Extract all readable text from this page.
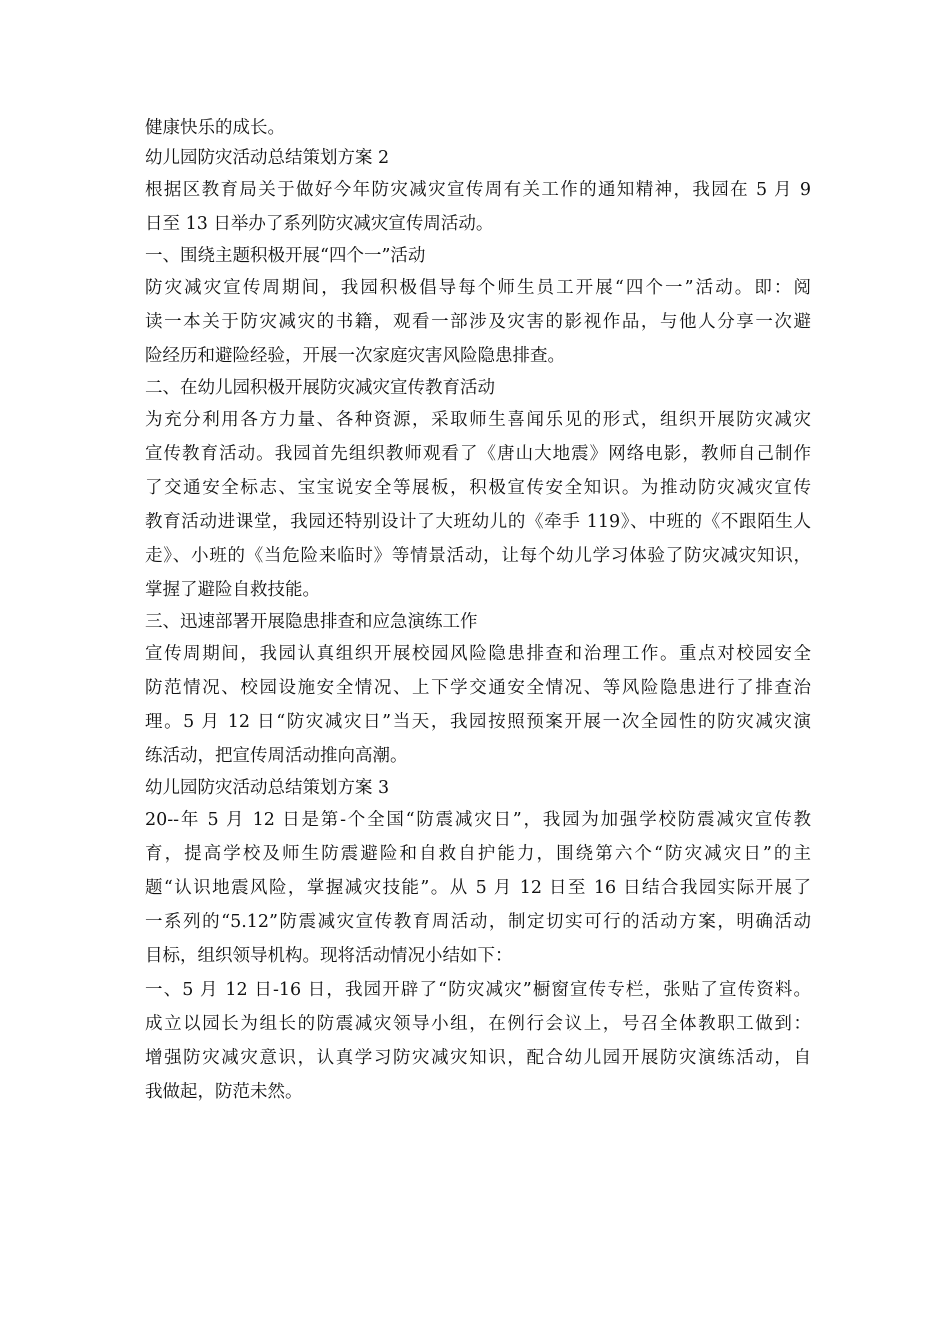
健康快乐的成长。
幼儿园防灾活动总结策划方案 2
根据区教育局关于做好今年防灾减灾宣传周有关工作的通知精神，我园在 5 月 9
日至 13 日举办了系列防灾减灾宣传周活动。
一、围绕主题积极开展“四个一”活动
防灾减灾宣传周期间，我园积极倡导每个师生员工开展“四个一”活动。即：阅
读一本关于防灾减灾的书籍，观看一部涉及灾害的影视作品，与他人分享一次避
险经历和避险经验，开展一次家庭灾害风险隐患排查。
二、在幼儿园积极开展防灾减灾宣传教育活动
为充分利用各方力量、各种资源，采取师生喜闻乐见的形式，组织开展防灾减灾
宣传教育活动。我园首先组织教师观看了《唐山大地震》网络电影，教师自己制作
了交通安全标志、宝宝说安全等展板，积极宣传安全知识。为推动防灾减灾宣传
教育活动进课堂，我园还特别设计了大班幼儿的《牵手 119》、中班的《不跟陌生人
走》、小班的《当危险来临时》等情景活动，让每个幼儿学习体验了防灾减灾知识，
掌握了避险自救技能。
三、迅速部署开展隐患排查和应急演练工作
宣传周期间，我园认真组织开展校园风险隐患排查和治理工作。重点对校园安全
防范情况、校园设施安全情况、上下学交通安全情况、等风险隐患进行了排查治
理。5 月 12 日“防灾减灾日”当天，我园按照预案开展一次全园性的防灾减灾演
练活动，把宣传周活动推向高潮。
幼儿园防灾活动总结策划方案 3
20--年 5 月 12 日是第-个全国“防震减灾日”，我园为加强学校防震减灾宣传教
育，提高学校及师生防震避险和自救自护能力，围绕第六个“防灾减灾日”的主
题“认识地震风险，掌握减灾技能”。从 5 月 12 日至 16 日结合我园实际开展了
一系列的“5.12”防震减灾宣传教育周活动，制定切实可行的活动方案，明确活动
目标，组织领导机构。现将活动情况小结如下：
一、5 月 12 日-16 日，我园开辟了“防灾减灾”橱窗宣传专栏，张贴了宣传资料。
成立以园长为组长的防震减灾领导小组，在例行会议上，号召全体教职工做到：
增强防灾减灾意识，认真学习防灾减灾知识，配合幼儿园开展防灾演练活动，自
我做起，防范未然。
